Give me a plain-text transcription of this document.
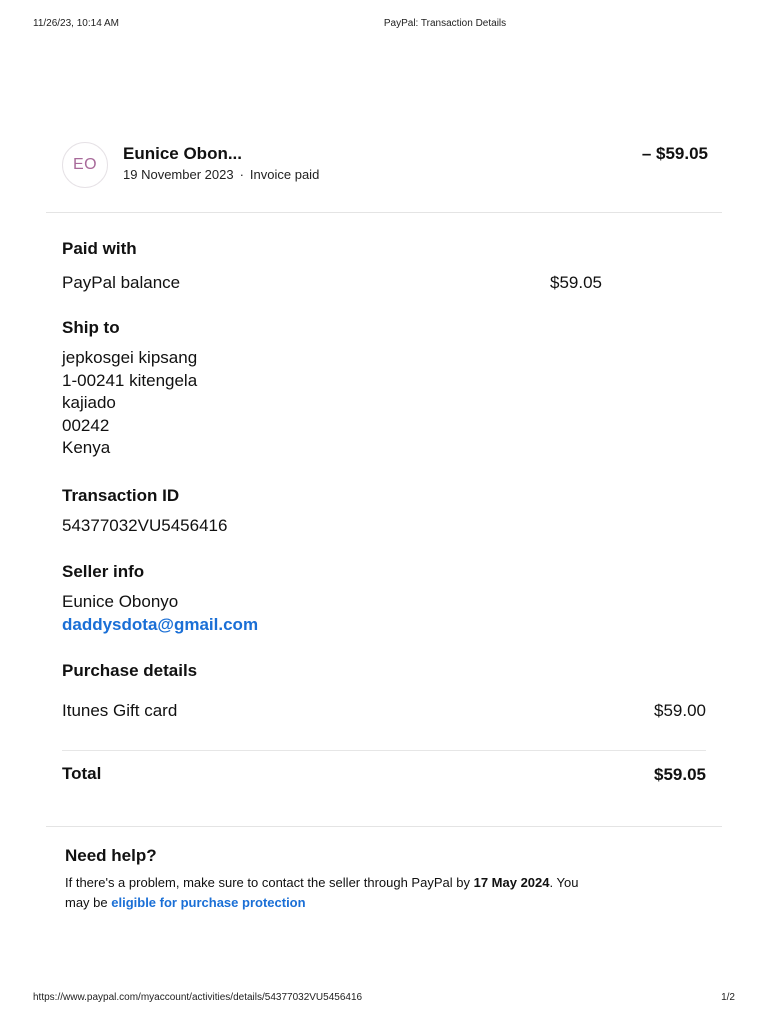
11/26/23, 10:14 AM	PayPal: Transaction Details
EO
Eunice Obon...
19 November 2023 · Invoice paid
– $59.05
Paid with
PayPal balance	$59.05
Ship to
jepkosgei kipsang
1-00241 kitengela
kajiado
00242
Kenya
Transaction ID
54377032VU5456416
Seller info
Eunice Obonyo
daddysdota@gmail.com
Purchase details
Itunes Gift card	$59.00
Total	$59.05
Need help?
If there's a problem, make sure to contact the seller through PayPal by 17 May 2024. You may be eligible for purchase protection
https://www.paypal.com/myaccount/activities/details/54377032VU5456416	1/2
